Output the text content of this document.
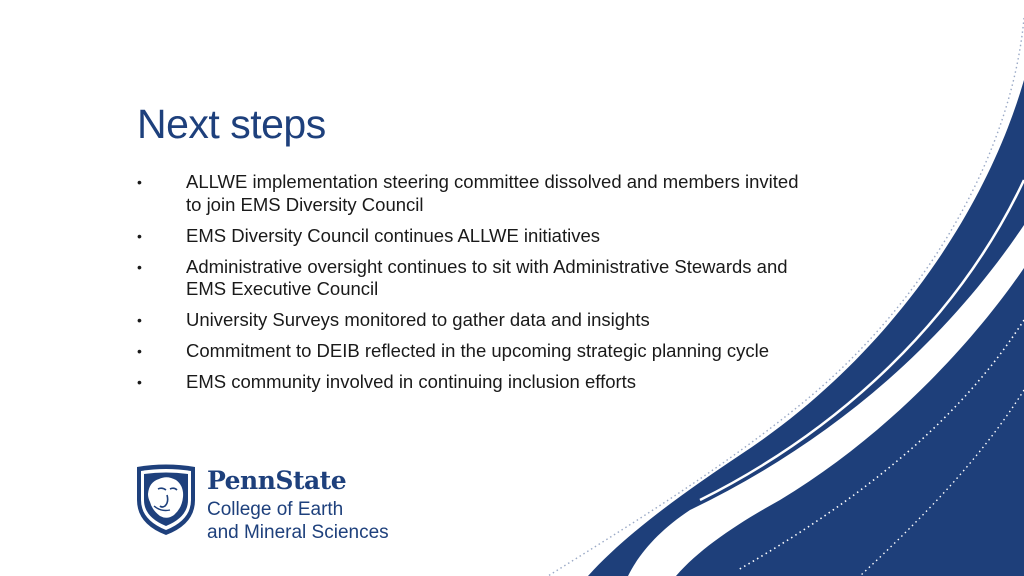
Next steps
• ALLWE implementation steering committee dissolved and members invited to join EMS Diversity Council
• EMS Diversity Council continues ALLWE initiatives
• Administrative oversight continues to sit with Administrative Stewards and EMS Executive Council
• University Surveys monitored to gather data and insights
• Commitment to DEIB reflected in the upcoming strategic planning cycle
• EMS community involved in continuing inclusion efforts
PennState
College of Earth
and Mineral Sciences
